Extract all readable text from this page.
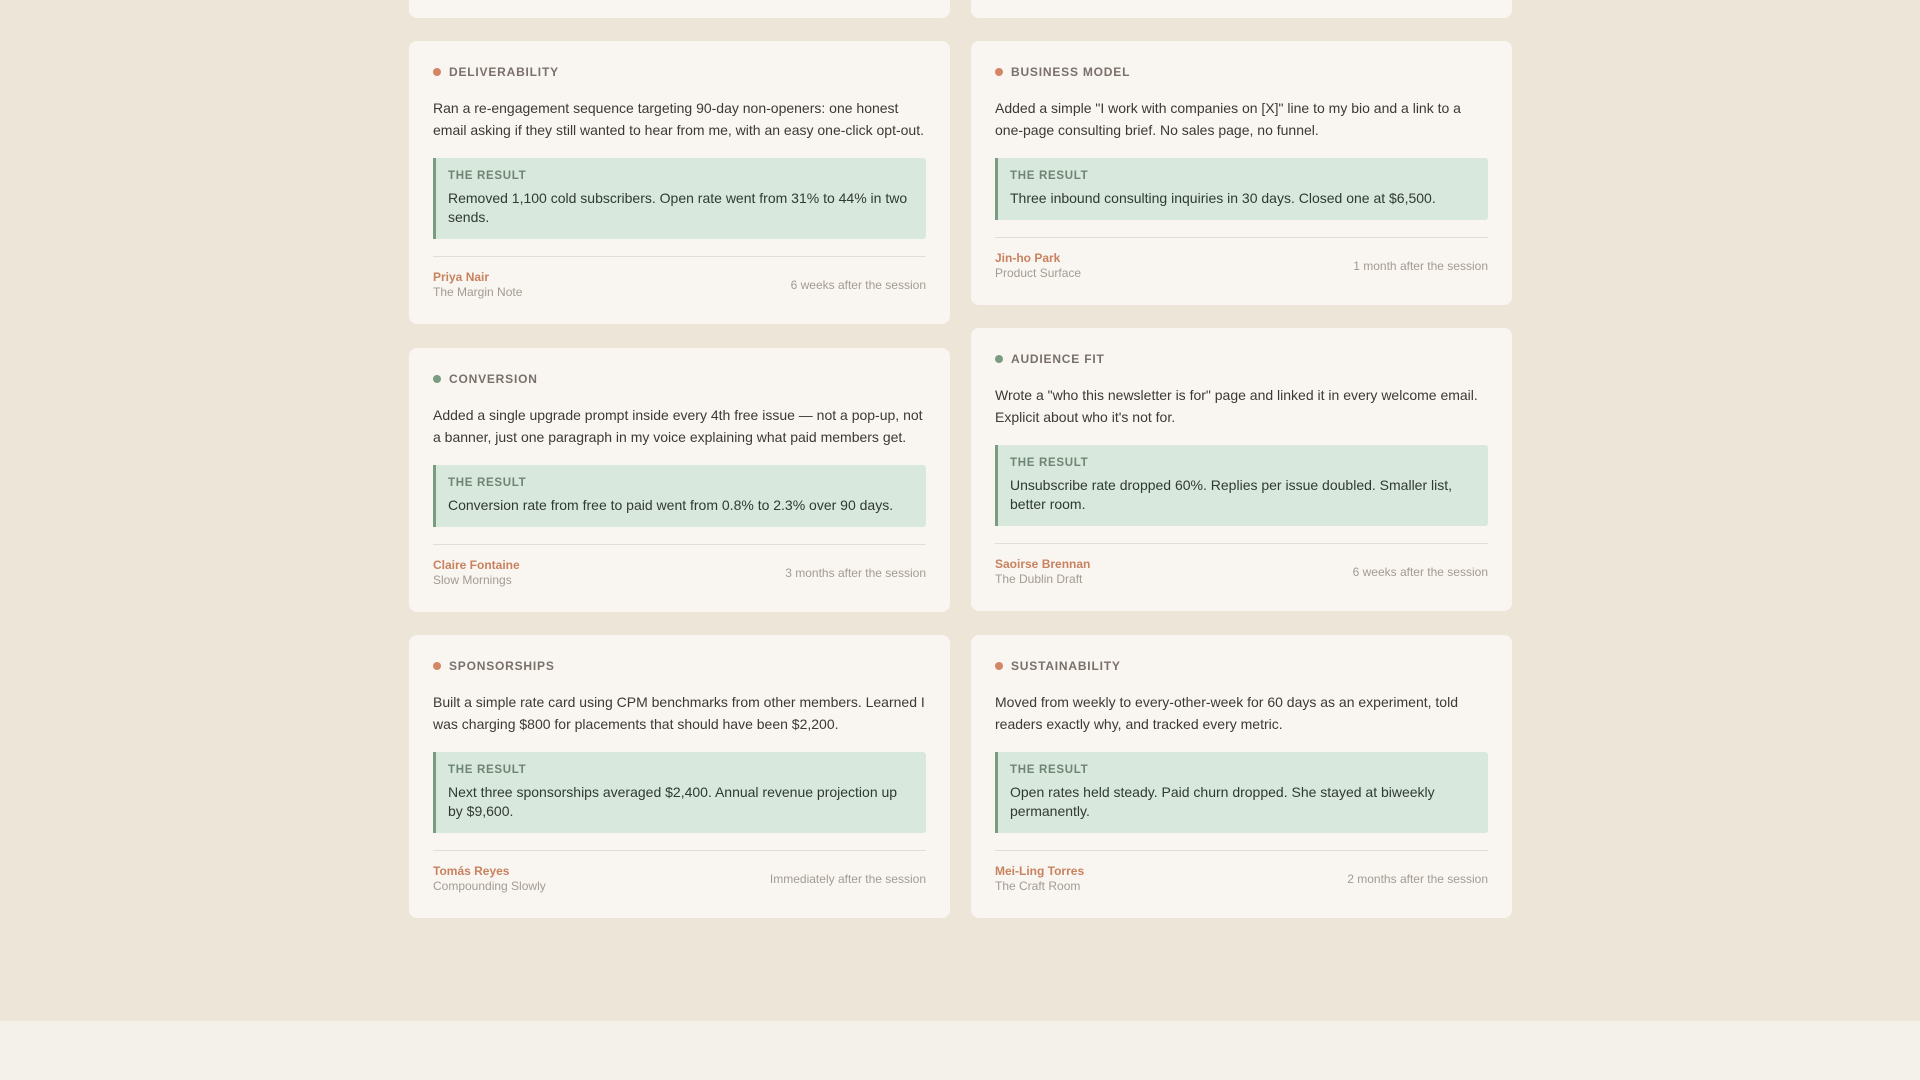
DELIVERABILITY

Ran a re-engagement sequence targeting 90-day non-openers: one honest email asking if they still wanted to hear from me, with an easy one-click opt-out.

THE RESULT
Removed 1,100 cold subscribers. Open rate went from 31% to 44% in two sends.
Priya Nair
The Margin Note	6 weeks after the session
BUSINESS MODEL

Added a simple "I work with companies on [X]" line to my bio and a link to a one-page consulting brief. No sales page, no funnel.

THE RESULT
Three inbound consulting inquiries in 30 days. Closed one at $6,500.
Jin-ho Park
Product Surface	1 month after the session
CONVERSION

Added a single upgrade prompt inside every 4th free issue — not a pop-up, not a banner, just one paragraph in my voice explaining what paid members get.

THE RESULT
Conversion rate from free to paid went from 0.8% to 2.3% over 90 days.
Claire Fontaine
Slow Mornings	3 months after the session
AUDIENCE FIT

Wrote a "who this newsletter is for" page and linked it in every welcome email. Explicit about who it's not for.

THE RESULT
Unsubscribe rate dropped 60%. Replies per issue doubled. Smaller list, better room.
Saoirse Brennan
The Dublin Draft	6 weeks after the session
SPONSORSHIPS

Built a simple rate card using CPM benchmarks from other members. Learned I was charging $800 for placements that should have been $2,200.

THE RESULT
Next three sponsorships averaged $2,400. Annual revenue projection up by $9,600.
Tomás Reyes
Compounding Slowly	Immediately after the session
SUSTAINABILITY

Moved from weekly to every-other-week for 60 days as an experiment, told readers exactly why, and tracked every metric.

THE RESULT
Open rates held steady. Paid churn dropped. She stayed at biweekly permanently.
Mei-Ling Torres
The Craft Room	2 months after the session
